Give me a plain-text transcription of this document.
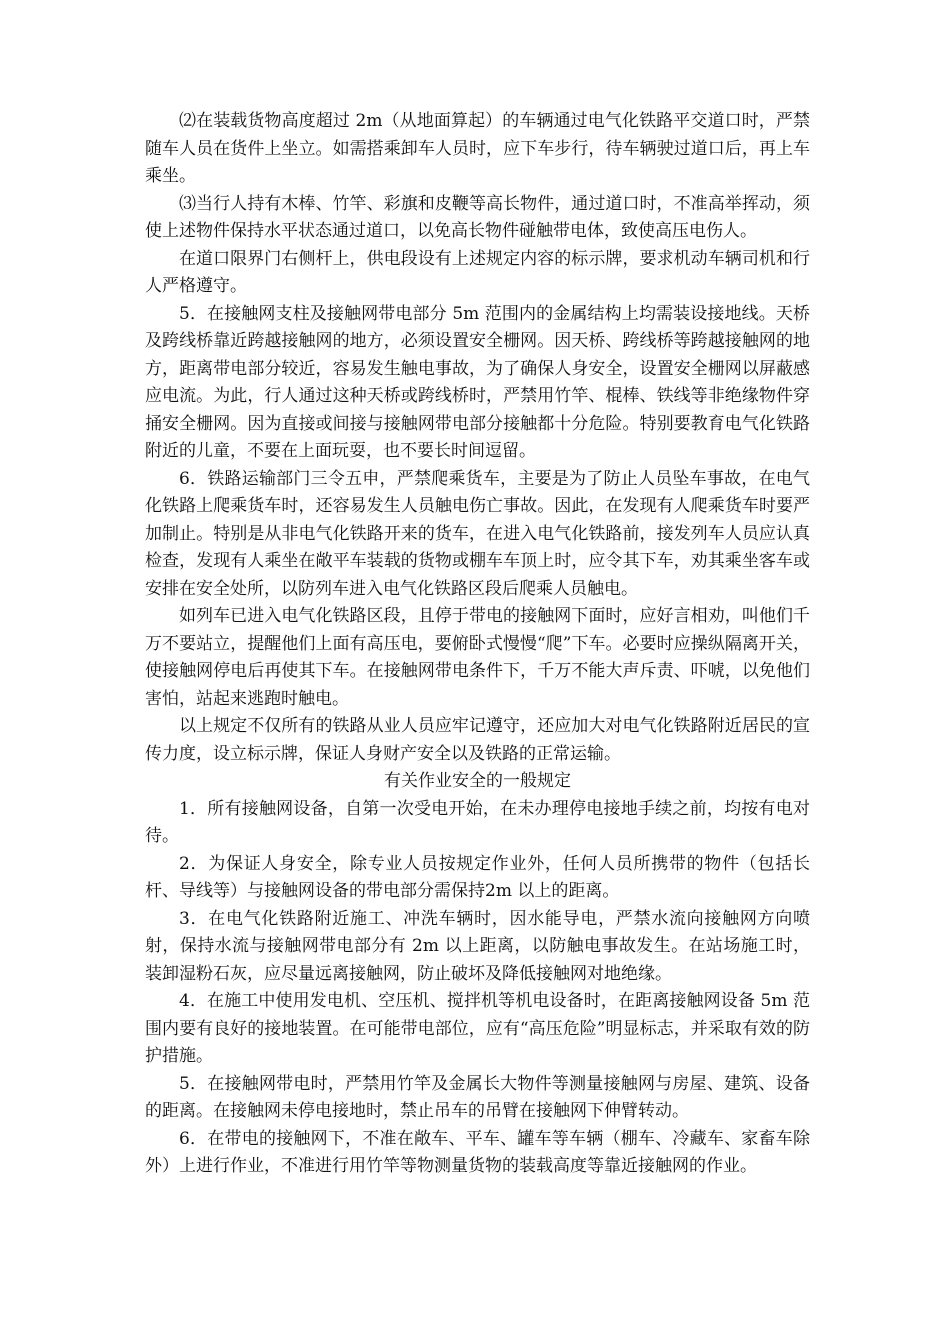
⑵在装载货物高度超过 2m（从地面算起）的车辆通过电气化铁路平交道口时，严禁随车人员在货件上坐立。如需搭乘卸车人员时，应下车步行，待车辆驶过道口后，再上车乘坐。

⑶当行人持有木棒、竹竿、彩旗和皮鞭等高长物件，通过道口时，不准高举挥动，须使上述物件保持水平状态通过道口，以免高长物件碰触带电体，致使高压电伤人。

在道口限界门右侧杆上，供电段设有上述规定内容的标示牌，要求机动车辆司机和行人严格遵守。

5．在接触网支柱及接触网带电部分 5m 范围内的金属结构上均需装设接地线。天桥及跨线桥靠近跨越接触网的地方，必须设置安全栅网。因天桥、跨线桥等跨越接触网的地方，距离带电部分较近，容易发生触电事故，为了确保人身安全，设置安全栅网以屏蔽感应电流。为此，行人通过这种天桥或跨线桥时，严禁用竹竿、棍棒、铁线等非绝缘物件穿捅安全栅网。因为直接或间接与接触网带电部分接触都十分危险。特别要教育电气化铁路附近的儿童，不要在上面玩耍，也不要长时间逗留。

6．铁路运输部门三令五申，严禁爬乘货车，主要是为了防止人员坠车事故，在电气化铁路上爬乘货车时，还容易发生人员触电伤亡事故。因此，在发现有人爬乘货车时要严加制止。特别是从非电气化铁路开来的货车，在进入电气化铁路前，接发列车人员应认真检查，发现有人乘坐在敞平车装载的货物或棚车车顶上时，应令其下车，劝其乘坐客车或安排在安全处所，以防列车进入电气化铁路区段后爬乘人员触电。

如列车已进入电气化铁路区段，且停于带电的接触网下面时，应好言相劝，叫他们千万不要站立，提醒他们上面有高压电，要俯卧式慢慢“爬”下车。必要时应操纵隔离开关，使接触网停电后再使其下车。在接触网带电条件下，千万不能大声斥责、吓唬，以免他们害怕，站起来逃跑时触电。

以上规定不仅所有的铁路从业人员应牢记遵守，还应加大对电气化铁路附近居民的宣传力度，设立标示牌，保证人身财产安全以及铁路的正常运输。

有关作业安全的一般规定

1．所有接触网设备，自第一次受电开始，在未办理停电接地手续之前，均按有电对待。

2．为保证人身安全，除专业人员按规定作业外，任何人员所携带的物件（包括长杆、导线等）与接触网设备的带电部分需保持2m 以上的距离。

3．在电气化铁路附近施工、冲洗车辆时，因水能导电，严禁水流向接触网方向喷射，保持水流与接触网带电部分有 2m 以上距离，以防触电事故发生。在站场施工时，装卸湿粉石灰，应尽量远离接触网，防止破坏及降低接触网对地绝缘。

4．在施工中使用发电机、空压机、搅拌机等机电设备时，在距离接触网设备 5m 范围内要有良好的接地装置。在可能带电部位，应有“高压危险”明显标志，并采取有效的防护措施。

5．在接触网带电时，严禁用竹竿及金属长大物件等测量接触网与房屋、建筑、设备的距离。在接触网未停电接地时，禁止吊车的吊臂在接触网下伸臂转动。

6．在带电的接触网下，不准在敞车、平车、罐车等车辆（棚车、冷藏车、家畜车除外）上进行作业，不准进行用竹竿等物测量货物的装载高度等靠近接触网的作业。
